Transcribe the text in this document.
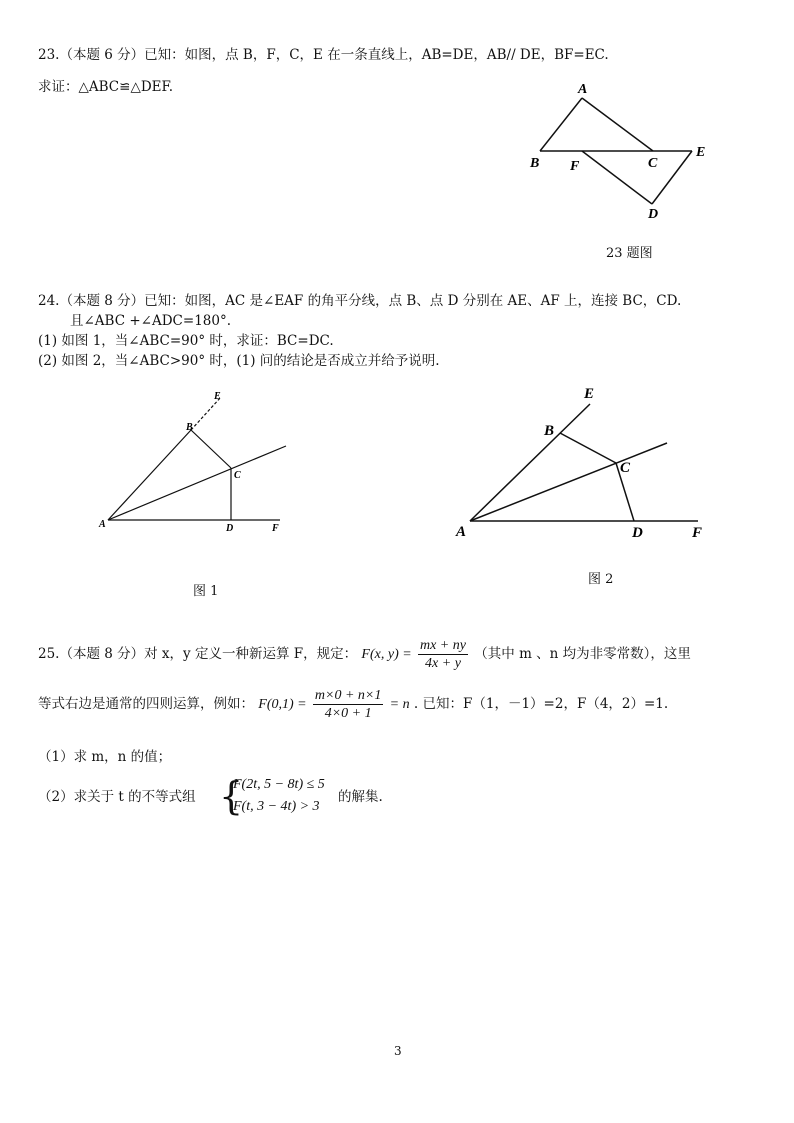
23.（本题 6 分）已知：如图，点 B，F，C，E 在一条直线上，AB=DE，AB// DE，BF=EC.
求证：△ABC≌△DEF.	A
B F	C
E
D
23 题图
24.（本题 8 分）已知：如图，AC 是∠EAF 的角平分线，点 B、点 D 分别在 AE、AF 上，连接 BC，CD.
且∠ABC +∠ADC=180°.
(1) 如图 1，当∠ABC=90° 时，求证：BC=DC.
(2) 如图 2，当∠ABC>90° 时，(1) 问的结论是否成立并给予说明.
E
B
C
A	D	F
图 1
E
B
C
A	D	F
图 2
25.（本题 8 分）对 x，y 定义一种新运算 F，规定： F(x, $y) = \frac{mx + ny}{4x + y}$ （其中 m 、n 均为非零常数），这里
等式右边是通常的四则运算，例如： $F(0,1) = \frac{m\times 0 + n\times 1}{4\times 0 + 1} = n$ . 已知：F（1，－1）=2，F（4，2）=1.
（1）求 m，n 的值；
（2）求关于 t 的不等式组 {
F(2t, 5 − 8t) ≤ 5
F(t, 3 − 4t) > 3
的解集.
3
